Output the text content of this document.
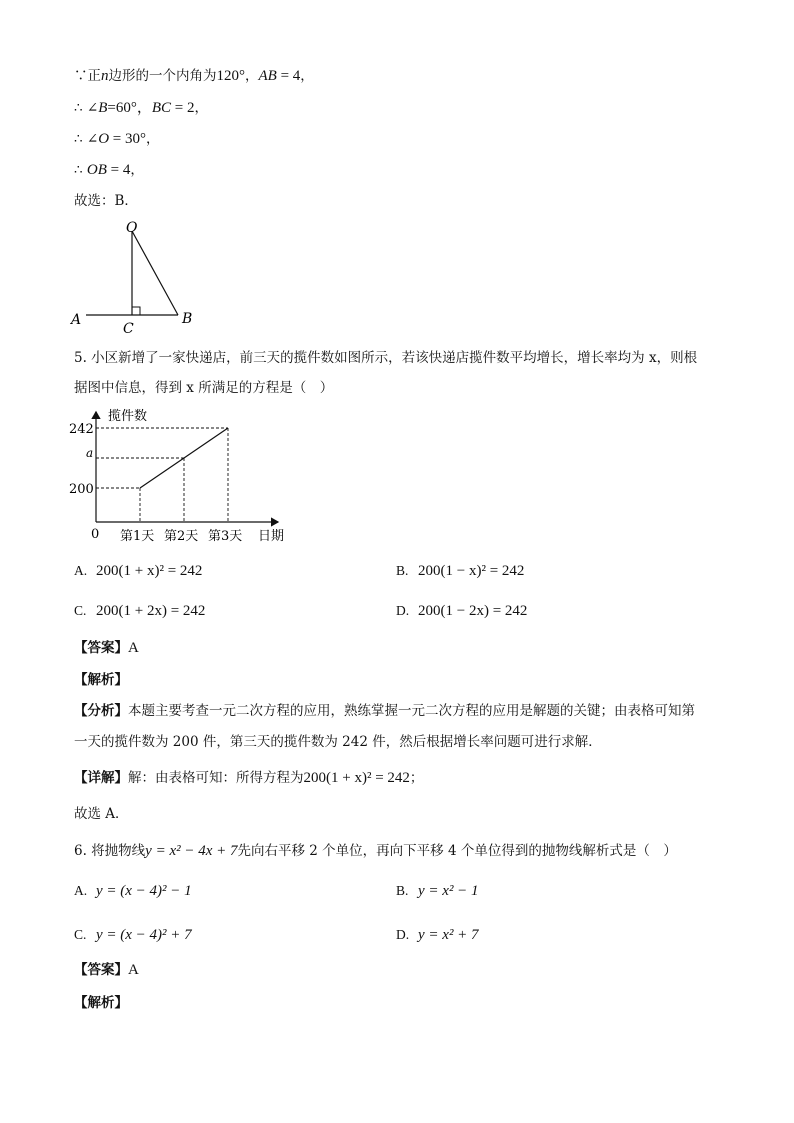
∵正n边形的一个内角为120°，AB = 4，
∴ ∠B=60°，BC = 2，
∴ ∠O = 30°，
∴ OB = 4，
故选：B．
O
A	B
C
5. 小区新增了一家快递店，前三天的揽件数如图所示，若该快递店揽件数平均增长，增长率均为 x，则根
据图中信息，得到 x 所满足的方程是（　）
揽件数
日期
0
200
a
242
第1天 第2天 第3天
A. 200(1 + x)² = 242	B. 200(1 − x)² = 242
C. 200(1 + 2x) = 242	D. 200(1 − 2x) = 242
【答案】A
【解析】
【分析】本题主要考查一元二次方程的应用，熟练掌握一元二次方程的应用是解题的关键；由表格可知第
一天的揽件数为 200 件，第三天的揽件数为 242 件，然后根据增长率问题可进行求解．
【详解】解：由表格可知：所得方程为200(1 + x)² = 242；
故选 A．
6. 将抛物线y = x² − 4x + 7先向右平移 2 个单位，再向下平移 4 个单位得到的抛物线解析式是（　）
A. y = (x − 4)² − 1	B. y = x² − 1
C. y = (x − 4)² + 7	D. y = x² + 7
【答案】A
【解析】
